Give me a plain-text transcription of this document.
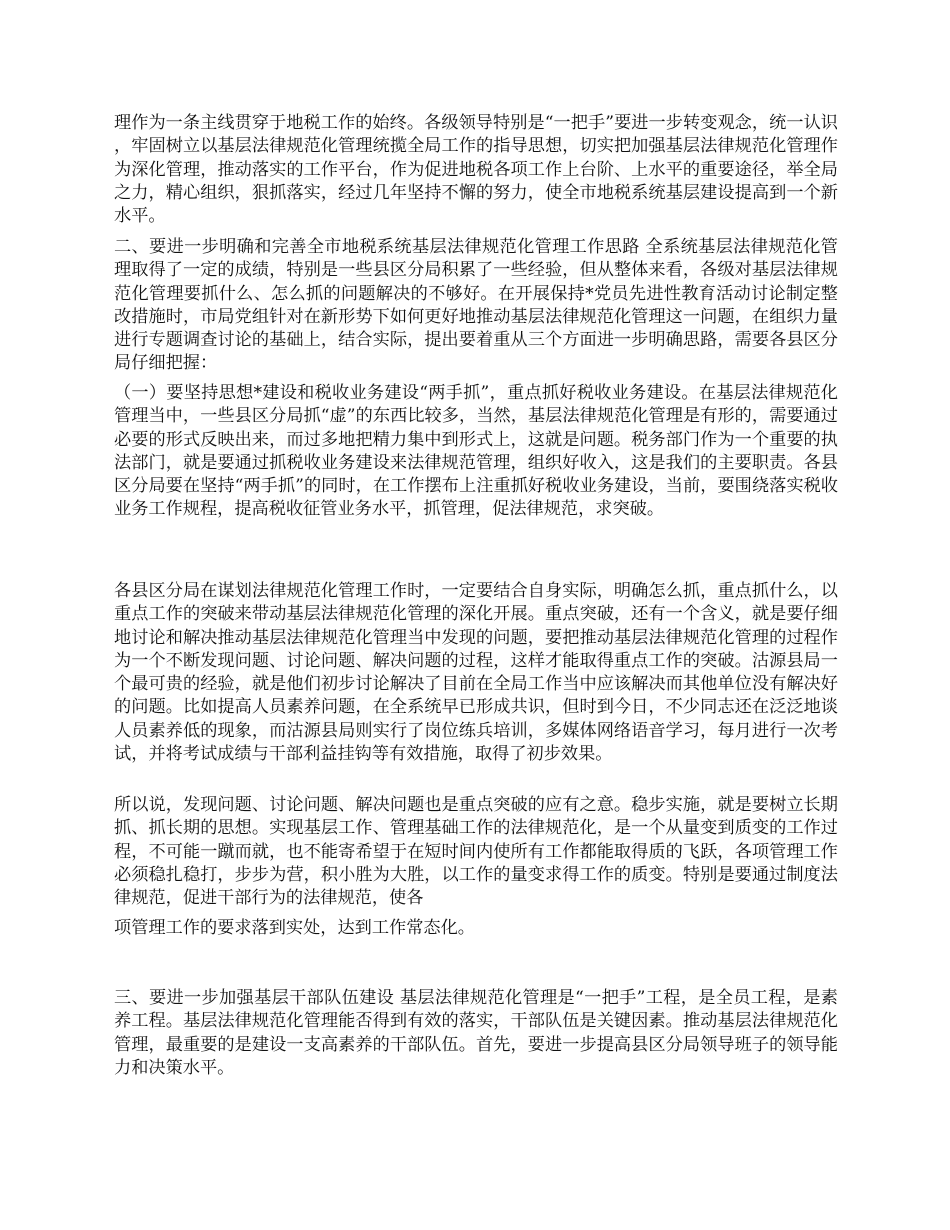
理作为一条主线贯穿于地税工作的始终。各级领导特别是“一把手”要进一步转变观念，统一认识，牢固树立以基层法律规范化管理统揽全局工作的指导思想，切实把加强基层法律规范化管理作为深化管理，推动落实的工作平台，作为促进地税各项工作上台阶、上水平的重要途径，举全局之力，精心组织，狠抓落实，经过几年坚持不懈的努力，使全市地税系统基层建设提高到一个新水平。

二、要进一步明确和完善全市地税系统基层法律规范化管理工作思路 全系统基层法律规范化管理取得了一定的成绩，特别是一些县区分局积累了一些经验，但从整体来看，各级对基层法律规范化管理要抓什么、怎么抓的问题解决的不够好。在开展保持*党员先进性教育活动讨论制定整改措施时，市局党组针对在新形势下如何更好地推动基层法律规范化管理这一问题，在组织力量进行专题调查讨论的基础上，结合实际，提出要着重从三个方面进一步明确思路，需要各县区分局仔细把握：

（一）要坚持思想*建设和税收业务建设“两手抓”，重点抓好税收业务建设。在基层法律规范化管理当中，一些县区分局抓“虚”的东西比较多，当然，基层法律规范化管理是有形的，需要通过必要的形式反映出来，而过多地把精力集中到形式上，这就是问题。税务部门作为一个重要的执法部门，就是要通过抓税收业务建设来法律规范管理，组织好收入，这是我们的主要职责。各县区分局要在坚持“两手抓”的同时，在工作摆布上注重抓好税收业务建设，当前，要围绕落实税收业务工作规程，提高税收征管业务水平，抓管理，促法律规范，求突破。

各县区分局在谋划法律规范化管理工作时，一定要结合自身实际，明确怎么抓，重点抓什么，以重点工作的突破来带动基层法律规范化管理的深化开展。重点突破，还有一个含义，就是要仔细地讨论和解决推动基层法律规范化管理当中发现的问题，要把推动基层法律规范化管理的过程作为一个不断发现问题、讨论问题、解决问题的过程，这样才能取得重点工作的突破。沽源县局一个最可贵的经验，就是他们初步讨论解决了目前在全局工作当中应该解决而其他单位没有解决好的问题。比如提高人员素养问题，在全系统早已形成共识，但时到今日，不少同志还在泛泛地谈人员素养低的现象，而沽源县局则实行了岗位练兵培训，多媒体网络语音学习，每月进行一次考试，并将考试成绩与干部利益挂钩等有效措施，取得了初步效果。

所以说，发现问题、讨论问题、解决问题也是重点突破的应有之意。稳步实施，就是要树立长期抓、抓长期的思想。实现基层工作、管理基础工作的法律规范化，是一个从量变到质变的工作过程，不可能一蹴而就，也不能寄希望于在短时间内使所有工作都能取得质的飞跃，各项管理工作必须稳扎稳打，步步为营，积小胜为大胜，以工作的量变求得工作的质变。特别是要通过制度法律规范，促进干部行为的法律规范，使各

项管理工作的要求落到实处，达到工作常态化。

三、要进一步加强基层干部队伍建设 基层法律规范化管理是“一把手”工程，是全员工程，是素养工程。基层法律规范化管理能否得到有效的落实，干部队伍是关键因素。推动基层法律规范化管理，最重要的是建设一支高素养的干部队伍。首先，要进一步提高县区分局领导班子的领导能力和决策水平。
